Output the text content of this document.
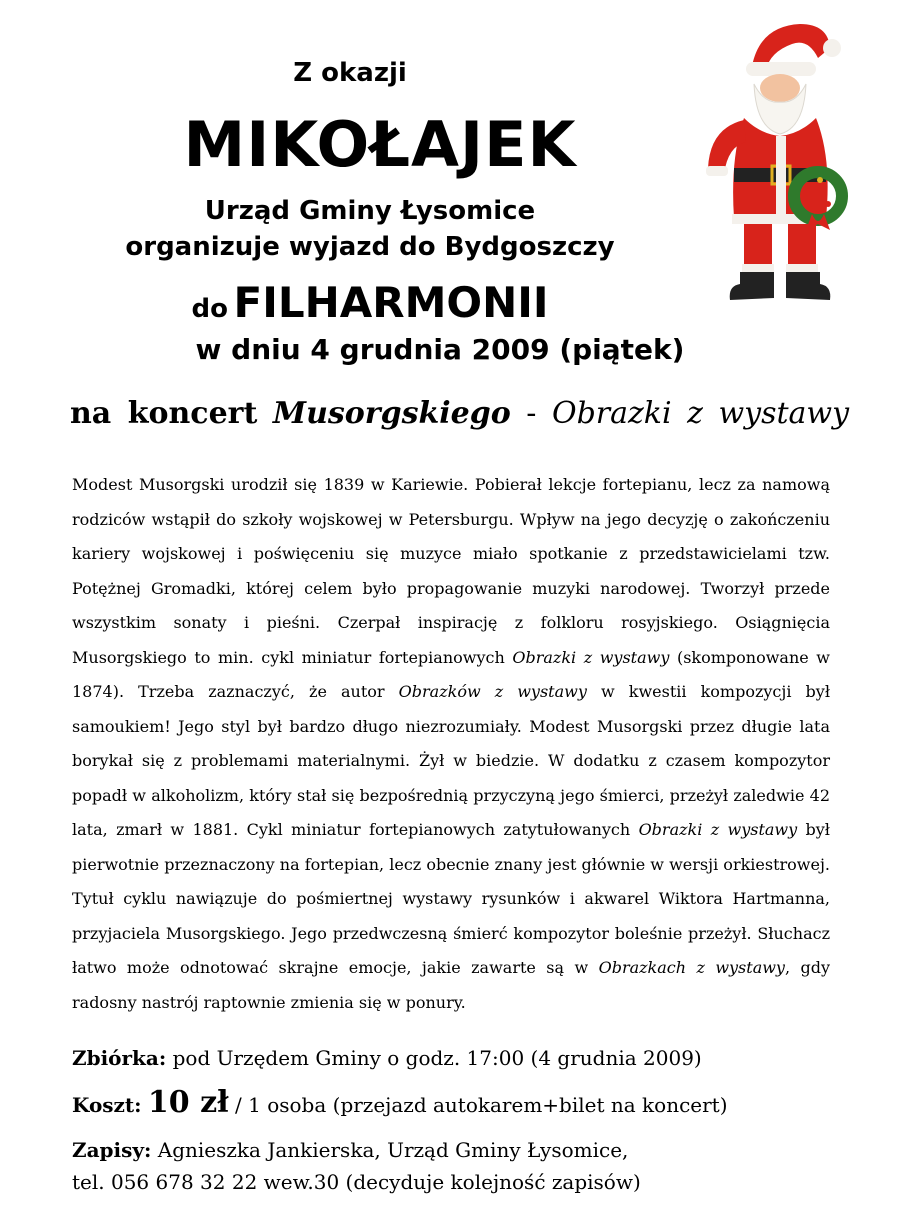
Z okazji
MIKOŁAJEK
Urząd Gminy Łysomice
organizuje wyjazd do Bydgoszczy
do FILHARMONII
w dniu 4 grudnia 2009 (piątek)
na koncert Musorgskiego - Obrazki z wystawy
Modest Musorgski urodził się 1839 w Kariewie. Pobierał lekcje fortepianu, lecz za namową rodziców wstąpił do szkoły wojskowej w Petersburgu. Wpływ na jego decyzję o zakończeniu kariery wojskowej i poświęceniu się muzyce miało spotkanie z przedstawicielami tzw. Potężnej Gromadki, której celem było propagowanie muzyki narodowej. Tworzył przede wszystkim sonaty i pieśni. Czerpał inspirację z folkloru rosyjskiego. Osiągnięcia Musorgskiego to min. cykl miniatur fortepianowych Obrazki z wystawy (skomponowane w 1874). Trzeba zaznaczyć, że autor Obrazków z wystawy w kwestii kompozycji był samoukiem! Jego styl był bardzo długo niezrozumiały. Modest Musorgski przez długie lata borykał się z problemami materialnymi. Żył w biedzie. W dodatku z czasem kompozytor popadł w alkoholizm, który stał się bezpośrednią przyczyną jego śmierci, przeżył zaledwie 42 lata, zmarł w 1881. Cykl miniatur fortepianowych zatytułowanych Obrazki z wystawy był pierwotnie przeznaczony na fortepian, lecz obecnie znany jest głównie w wersji orkiestrowej. Tytuł cyklu nawiązuje do pośmiertnej wystawy rysunków i akwarel Wiktora Hartmanna, przyjaciela Musorgskiego. Jego przedwczesną śmierć kompozytor boleśnie przeżył. Słuchacz łatwo może odnotować skrajne emocje, jakie zawarte są w Obrazkach z wystawy, gdy radosny nastrój raptownie zmienia się w ponury.
Zbiórka: pod Urzędem Gminy o godz. 17:00 (4 grudnia 2009)
Koszt: 10 zł / 1 osoba (przejazd autokarem+bilet na koncert)
Zapisy: Agnieszka Jankierska, Urząd Gminy Łysomice,
tel. 056 678 32 22 wew.30 (decyduje kolejność zapisów)
